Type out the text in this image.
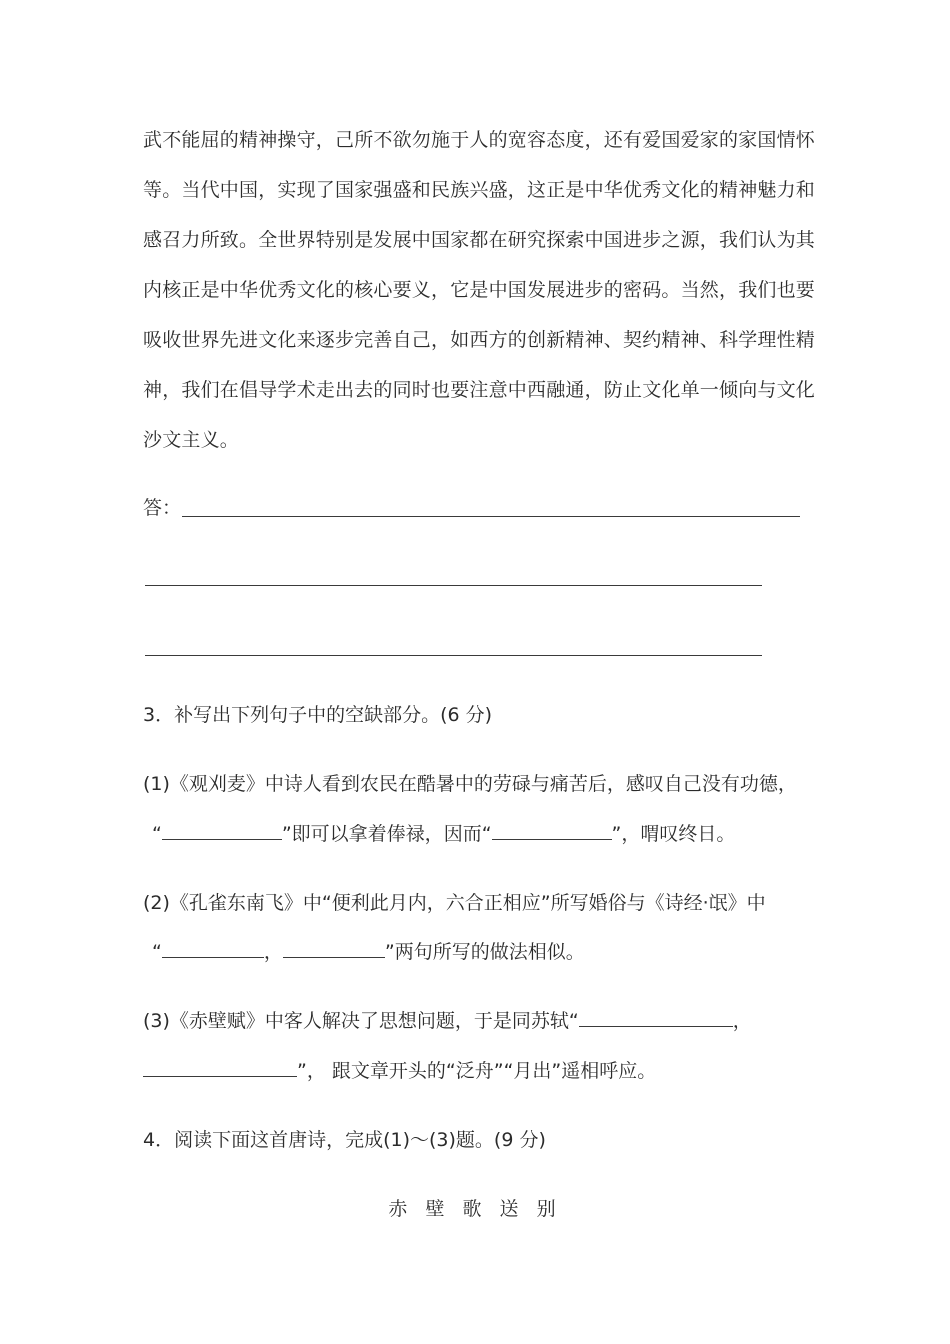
武不能屈的精神操守，己所不欲勿施于人的宽容态度，还有爱国爱家的家国情怀
等。当代中国，实现了国家强盛和民族兴盛，这正是中华优秀文化的精神魅力和
感召力所致。全世界特别是发展中国家都在研究探索中国进步之源，我们认为其
内核正是中华优秀文化的核心要义，它是中国发展进步的密码。当然，我们也要
吸收世界先进文化来逐步完善自己，如西方的创新精神、契约精神、科学理性精
神，我们在倡导学术走出去的同时也要注意中西融通，防止文化单一倾向与文化
沙文主义。
答：
3．补写出下列句子中的空缺部分。(6 分)
(1)《观刈麦》中诗人看到农民在酷暑中的劳碌与痛苦后，感叹自己没有功德，
“	”即可以拿着俸禄，因而“	”，喟叹终日。
(2)《孔雀东南飞》中“便利此月内，六合正相应”所写婚俗与《诗经·氓》中
“	，	”两句所写的做法相似。
(3)《赤壁赋》中客人解决了思想问题，于是同苏轼“	，
”， 跟文章开头的“泛舟”“月出”遥相呼应。
4．阅读下面这首唐诗，完成(1)～(3)题。(9 分)
赤 壁 歌 送 别
